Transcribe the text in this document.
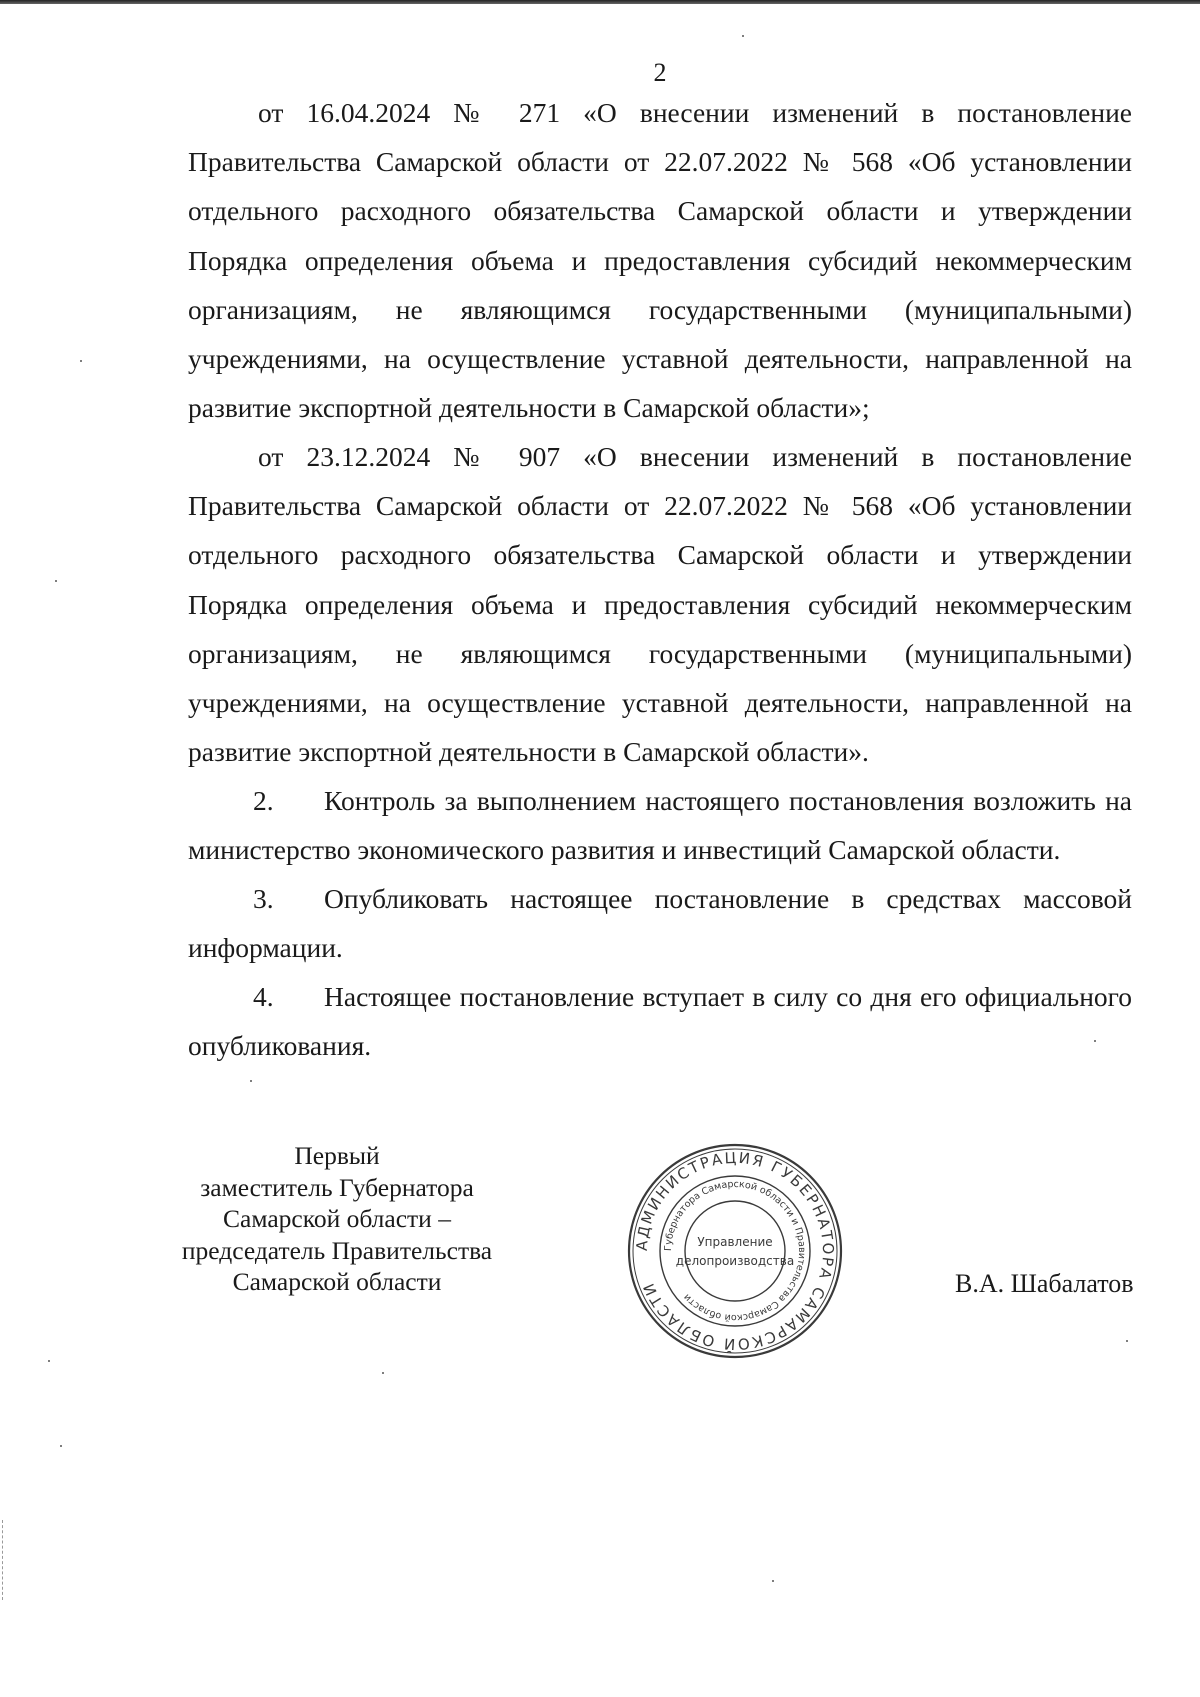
2

от 16.04.2024 № 271 «О внесении изменений в постановление Правительства Самарской области от 22.07.2022 № 568 «Об установлении отдельного расходного обязательства Самарской области и утверждении Порядка определения объема и предоставления субсидий некоммерческим организациям, не являющимся государственными (муниципальными) учреждениями, на осуществление уставной деятельности, направленной на развитие экспортной деятельности в Самарской области»;

от 23.12.2024 № 907 «О внесении изменений в постановление Правительства Самарской области от 22.07.2022 № 568 «Об установлении отдельного расходного обязательства Самарской области и утверждении Порядка определения объема и предоставления субсидий некоммерческим организациям, не являющимся государственными (муниципальными) учреждениями, на осуществление уставной деятельности, направленной на развитие экспортной деятельности в Самарской области».

2. Контроль за выполнением настоящего постановления возложить на министерство экономического развития и инвестиций Самарской области.

3. Опубликовать настоящее постановление в средствах массовой информации.

4. Настоящее постановление вступает в силу со дня его официального опубликования.

Первый
заместитель Губернатора
Самарской области –
председатель Правительства
Самарской области
АДМИНИСТРАЦИЯ ГУБЕРНАТОРА САМАРСКОЙ ОБЛАСТИ
Губернатора Самарской области и Правительства Самарской области
Управление
делопроизводства
В.А. Шабалатов
